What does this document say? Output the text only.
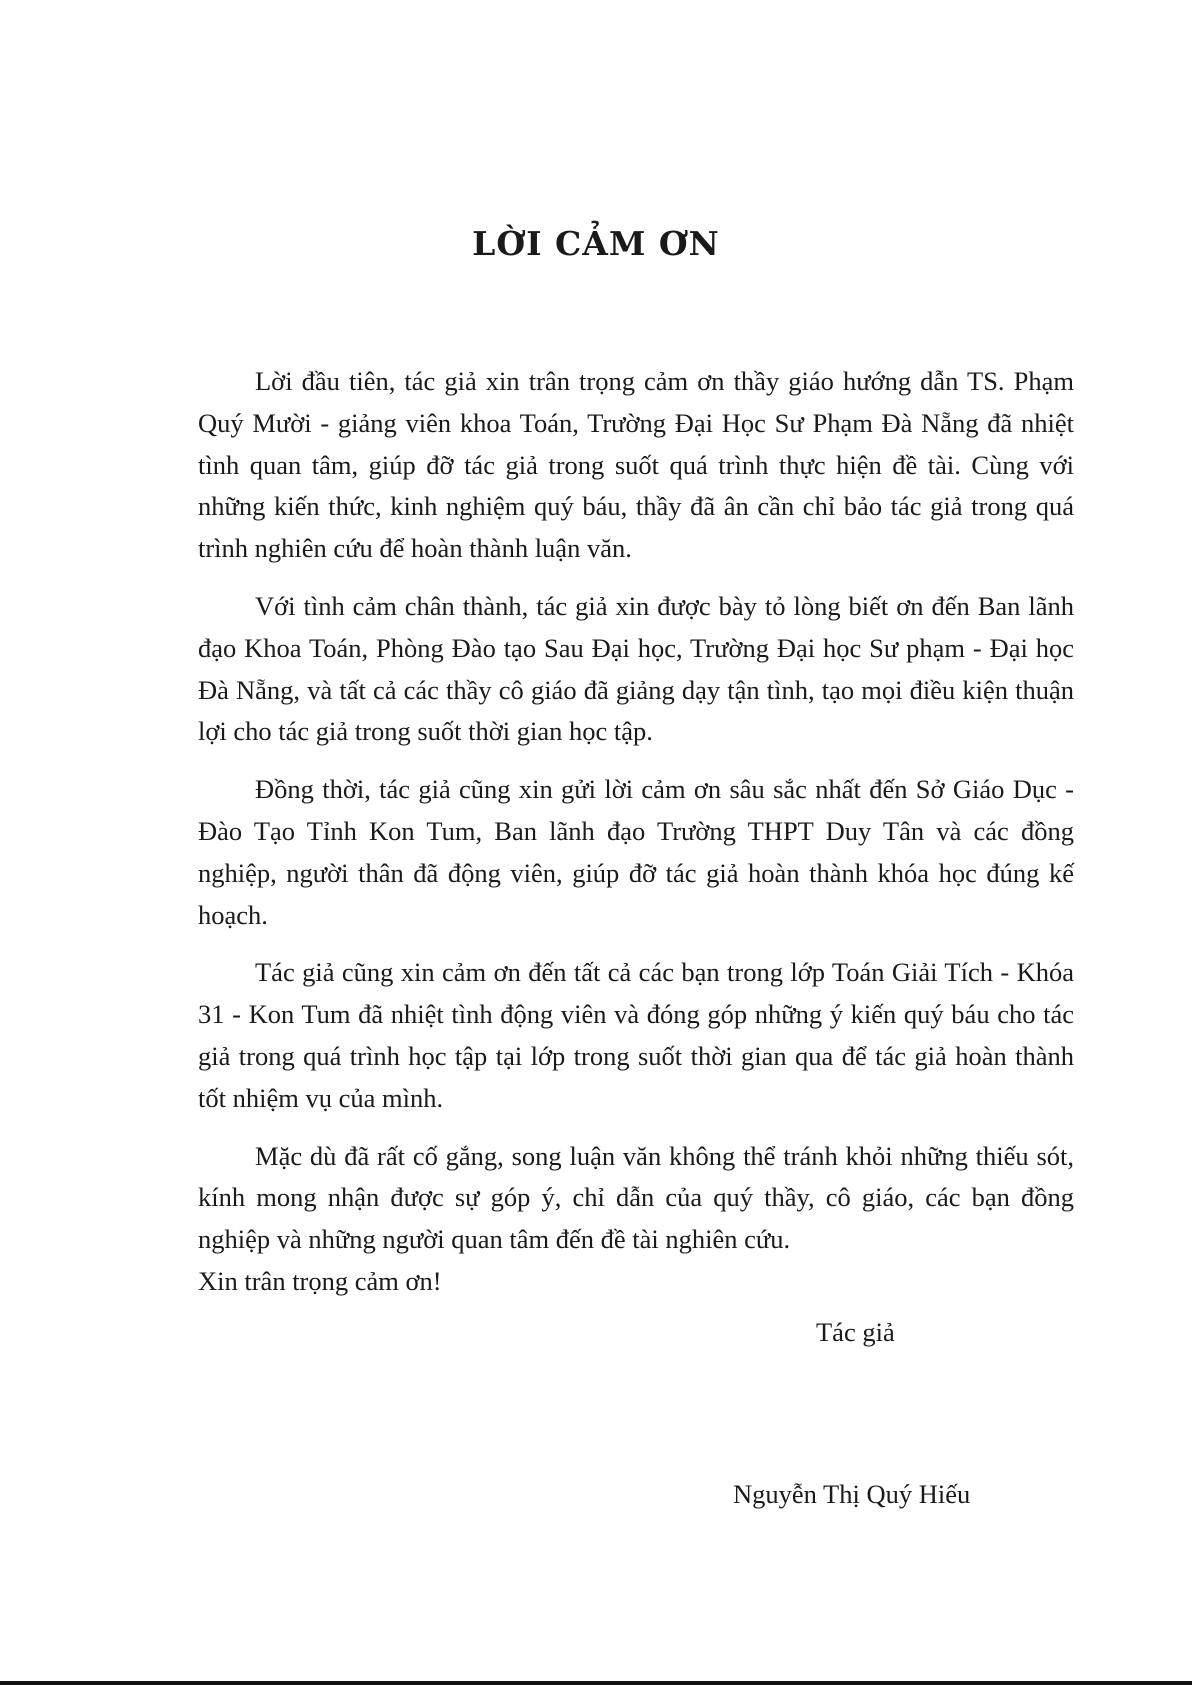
LỜI CẢM ƠN

Lời đầu tiên, tác giả xin trân trọng cảm ơn thầy giáo hướng dẫn TS. Phạm Quý Mười - giảng viên khoa Toán, Trường Đại Học Sư Phạm Đà Nẵng đã nhiệt tình quan tâm, giúp đỡ tác giả trong suốt quá trình thực hiện đề tài. Cùng với những kiến thức, kinh nghiệm quý báu, thầy đã ân cần chỉ bảo tác giả trong quá trình nghiên cứu để hoàn thành luận văn.

Với tình cảm chân thành, tác giả xin được bày tỏ lòng biết ơn đến Ban lãnh đạo Khoa Toán, Phòng Đào tạo Sau Đại học, Trường Đại học Sư phạm - Đại học Đà Nẵng, và tất cả các thầy cô giáo đã giảng dạy tận tình, tạo mọi điều kiện thuận lợi cho tác giả trong suốt thời gian học tập.

Đồng thời, tác giả cũng xin gửi lời cảm ơn sâu sắc nhất đến Sở Giáo Dục - Đào Tạo Tỉnh Kon Tum, Ban lãnh đạo Trường THPT Duy Tân và các đồng nghiệp, người thân đã động viên, giúp đỡ tác giả hoàn thành khóa học đúng kế hoạch.

Tác giả cũng xin cảm ơn đến tất cả các bạn trong lớp Toán Giải Tích - Khóa 31 - Kon Tum đã nhiệt tình động viên và đóng góp những ý kiến quý báu cho tác giả trong quá trình học tập tại lớp trong suốt thời gian qua để tác giả hoàn thành tốt nhiệm vụ của mình.

Mặc dù đã rất cố gắng, song luận văn không thể tránh khỏi những thiếu sót, kính mong nhận được sự góp ý, chỉ dẫn của quý thầy, cô giáo, các bạn đồng nghiệp và những người quan tâm đến đề tài nghiên cứu.

Xin trân trọng cảm ơn!

Tác giả

Nguyễn Thị Quý Hiếu
